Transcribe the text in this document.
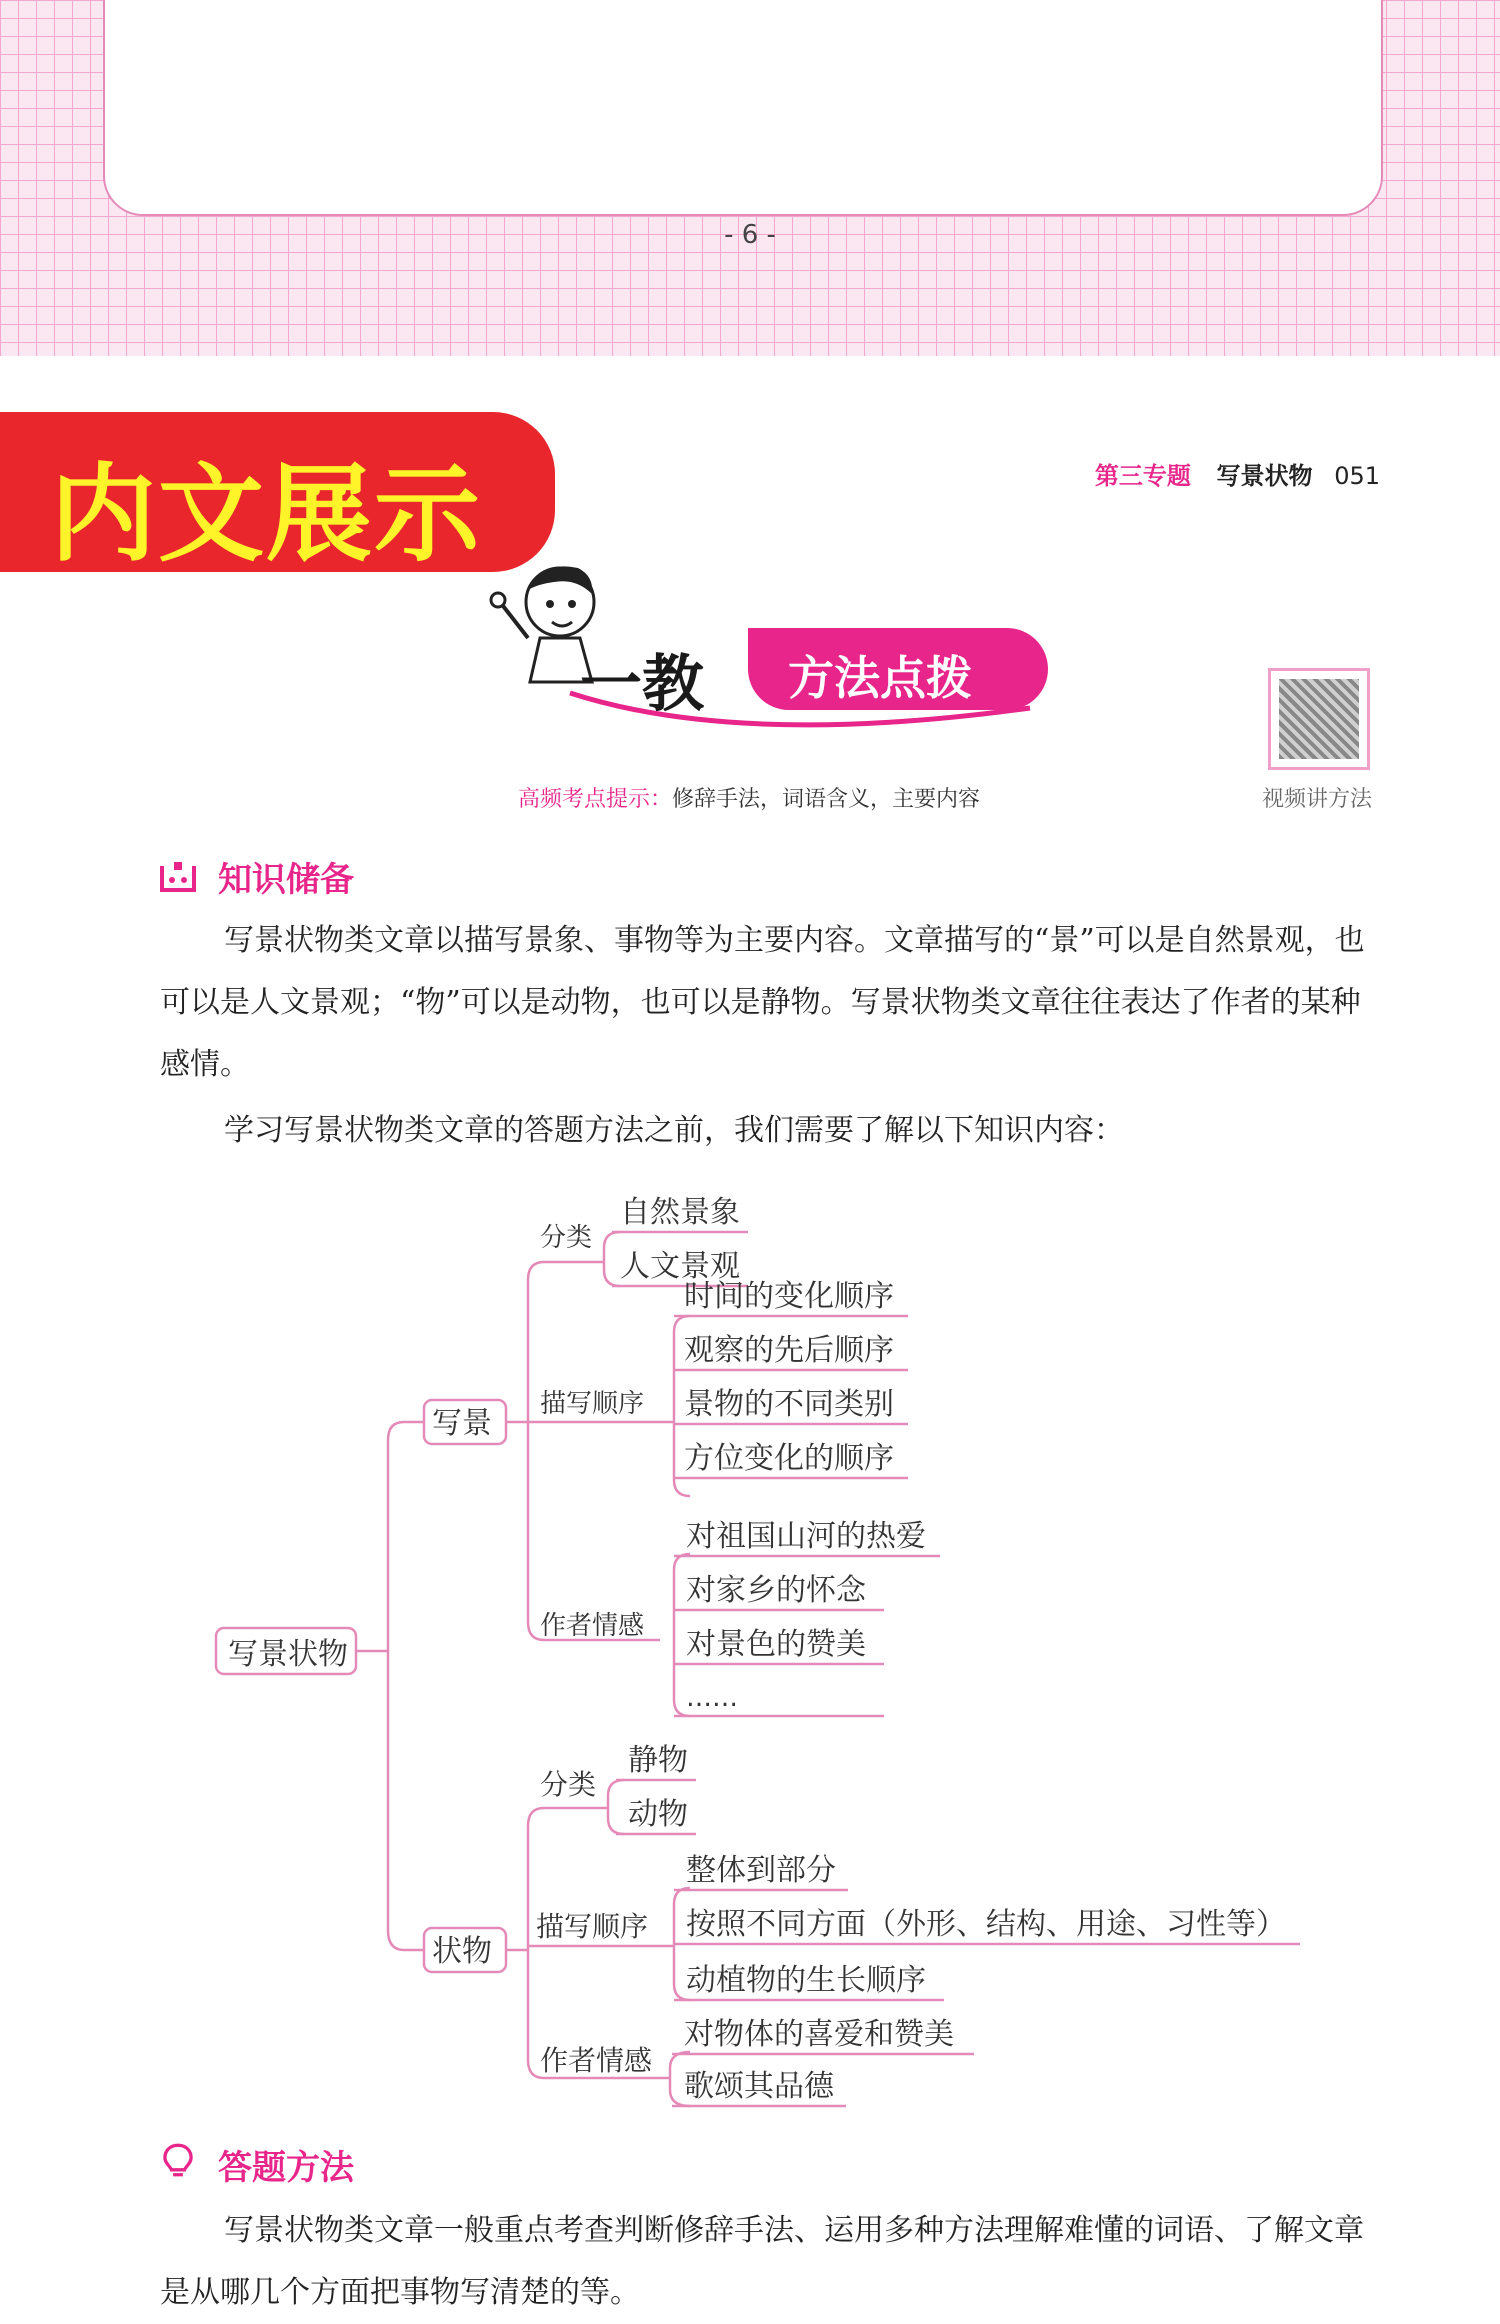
- 6 -
内文展示	第三专题 写景状物 051
一教 方法点拨
视频讲方法
高频考点提示：修辞手法，词语含义，主要内容
知识储备

写景状物类文章以描写景象、事物等为主要内容。文章描写的“景”可以是自然景观，也可以是人文景观；“物”可以是动物，也可以是静物。写景状物类文章往往表达了作者的某种感情。

学习写景状物类文章的答题方法之前，我们需要了解以下知识内容：

写景状物
写景
状物
分类
自然景象
人文景观
描写顺序
时间的变化顺序
观察的先后顺序
景物的不同类别
方位变化的顺序
作者情感
对祖国山河的热爱
对家乡的怀念
对景色的赞美
……
分类
静物
动物
描写顺序
整体到部分
按照不同方面（外形、结构、用途、习性等）
动植物的生长顺序
作者情感
对物体的喜爱和赞美
歌颂其品德
答题方法

写景状物类文章一般重点考查判断修辞手法、运用多种方法理解难懂的词语、了解文章是从哪几个方面把事物写清楚的等。
